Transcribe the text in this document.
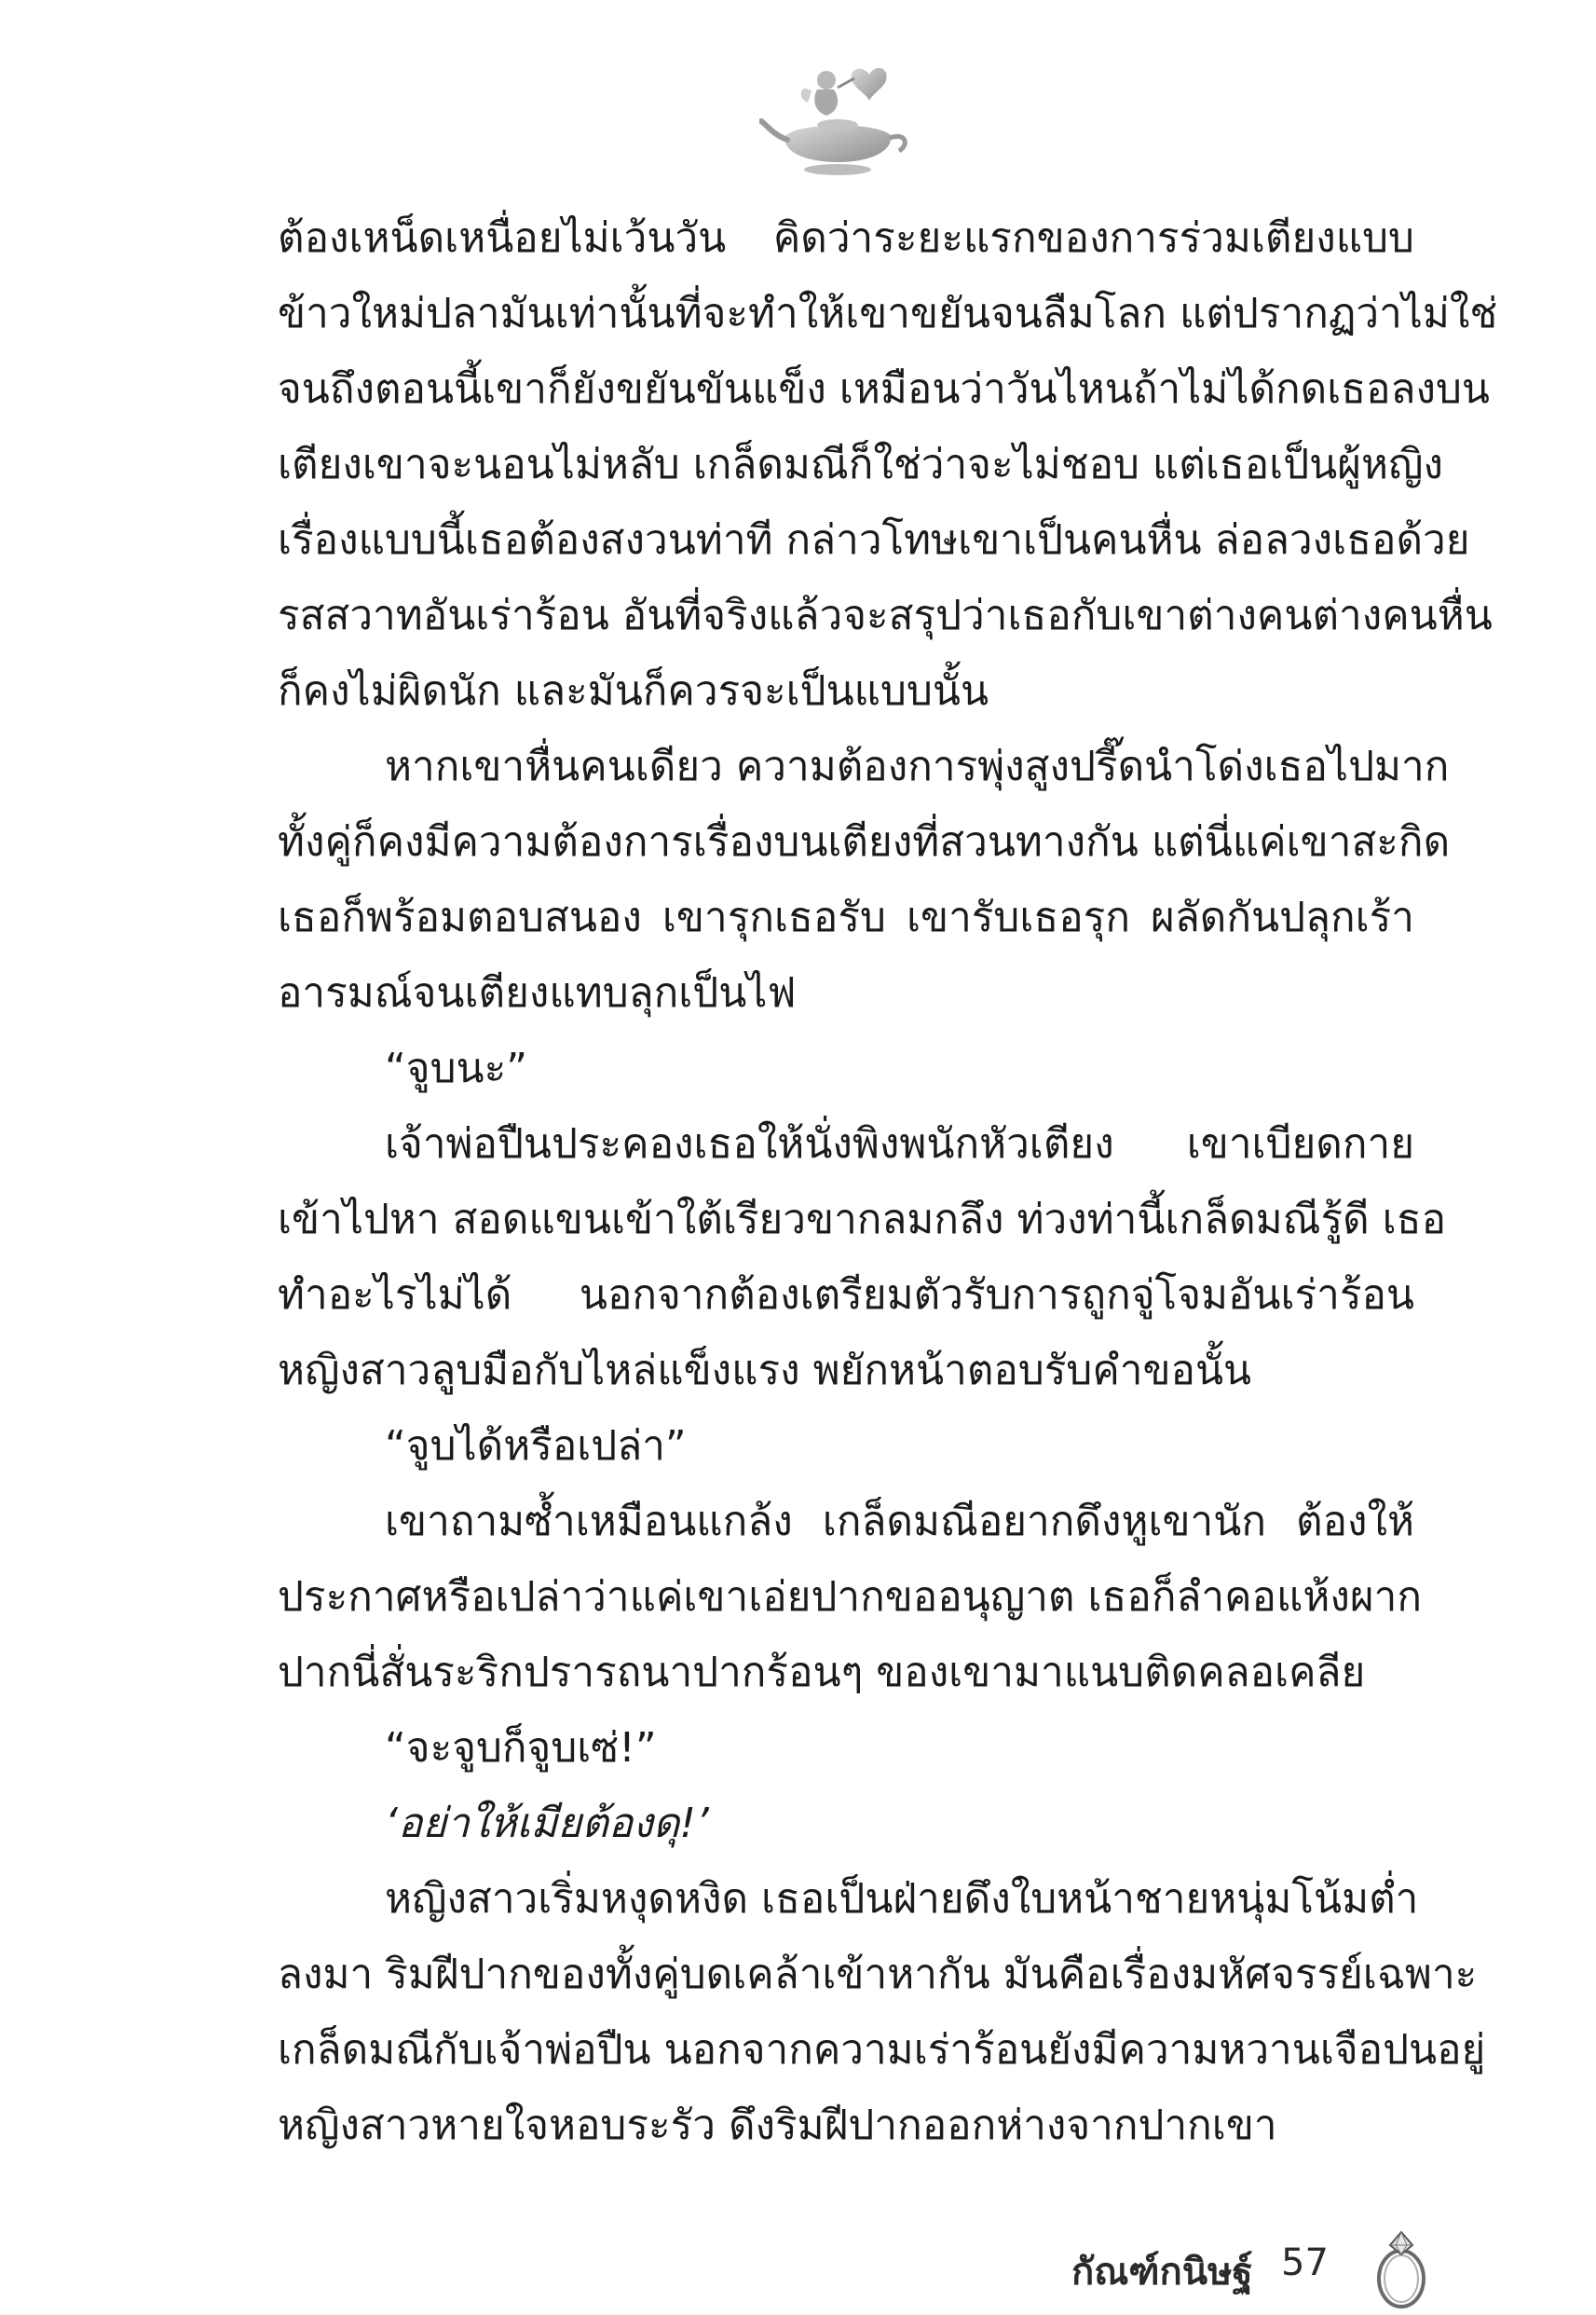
ต้องเหน็ดเหนื่อยไม่เว้นวัน คิดว่าระยะแรกของการร่วมเตียงแบบ
ข้าวใหม่ปลามันเท่านั้นที่จะทำให้เขาขยันจนลืมโลก แต่ปรากฏว่าไม่ใช่
จนถึงตอนนี้เขาก็ยังขยันขันแข็ง เหมือนว่าวันไหนถ้าไม่ได้กดเธอลงบน
เตียงเขาจะนอนไม่หลับ เกล็ดมณีก็ใช่ว่าจะไม่ชอบ แต่เธอเป็นผู้หญิง
เรื่องแบบนี้เธอต้องสงวนท่าที กล่าวโทษเขาเป็นคนหื่น ล่อลวงเธอด้วย
รสสวาทอันเร่าร้อน อันที่จริงแล้วจะสรุปว่าเธอกับเขาต่างคนต่างคนหื่น
ก็คงไม่ผิดนัก และมันก็ควรจะเป็นแบบนั้น
หากเขาหื่นคนเดียว ความต้องการพุ่งสูงปรี๊ดนำโด่งเธอไปมาก
ทั้งคู่ก็คงมีความต้องการเรื่องบนเตียงที่สวนทางกัน แต่นี่แค่เขาสะกิด
เธอก็พร้อมตอบสนอง เขารุกเธอรับ เขารับเธอรุก ผลัดกันปลุกเร้า
อารมณ์จนเตียงแทบลุกเป็นไฟ
“จูบนะ”
เจ้าพ่อปืนประคองเธอให้นั่งพิงพนักหัวเตียง เขาเบียดกาย
เข้าไปหา สอดแขนเข้าใต้เรียวขากลมกลึง ท่วงท่านี้เกล็ดมณีรู้ดี เธอ
ทำอะไรไม่ได้ นอกจากต้องเตรียมตัวรับการถูกจู่โจมอันเร่าร้อน
หญิงสาวลูบมือกับไหล่แข็งแรง พยักหน้าตอบรับคำขอนั้น
“จูบได้หรือเปล่า”
เขาถามซ้ำเหมือนแกล้ง เกล็ดมณีอยากดึงหูเขานัก ต้องให้
ประกาศหรือเปล่าว่าแค่เขาเอ่ยปากขออนุญาต เธอก็ลำคอแห้งผาก
ปากนี่สั่นระริกปรารถนาปากร้อนๆ ของเขามาแนบติดคลอเคลีย
“จะจูบก็จูบเซ่!”
‘อย่าให้เมียต้องดุ!’
หญิงสาวเริ่มหงุดหงิด เธอเป็นฝ่ายดึงใบหน้าชายหนุ่มโน้มต่ำ
ลงมา ริมฝีปากของทั้งคู่บดเคล้าเข้าหากัน มันคือเรื่องมหัศจรรย์เฉพาะ
เกล็ดมณีกับเจ้าพ่อปืน นอกจากความเร่าร้อนยังมีความหวานเจือปนอยู่
หญิงสาวหายใจหอบระรัว ดึงริมฝีปากออกห่างจากปากเขา
กัณฑ์กนิษฐ์ 57
